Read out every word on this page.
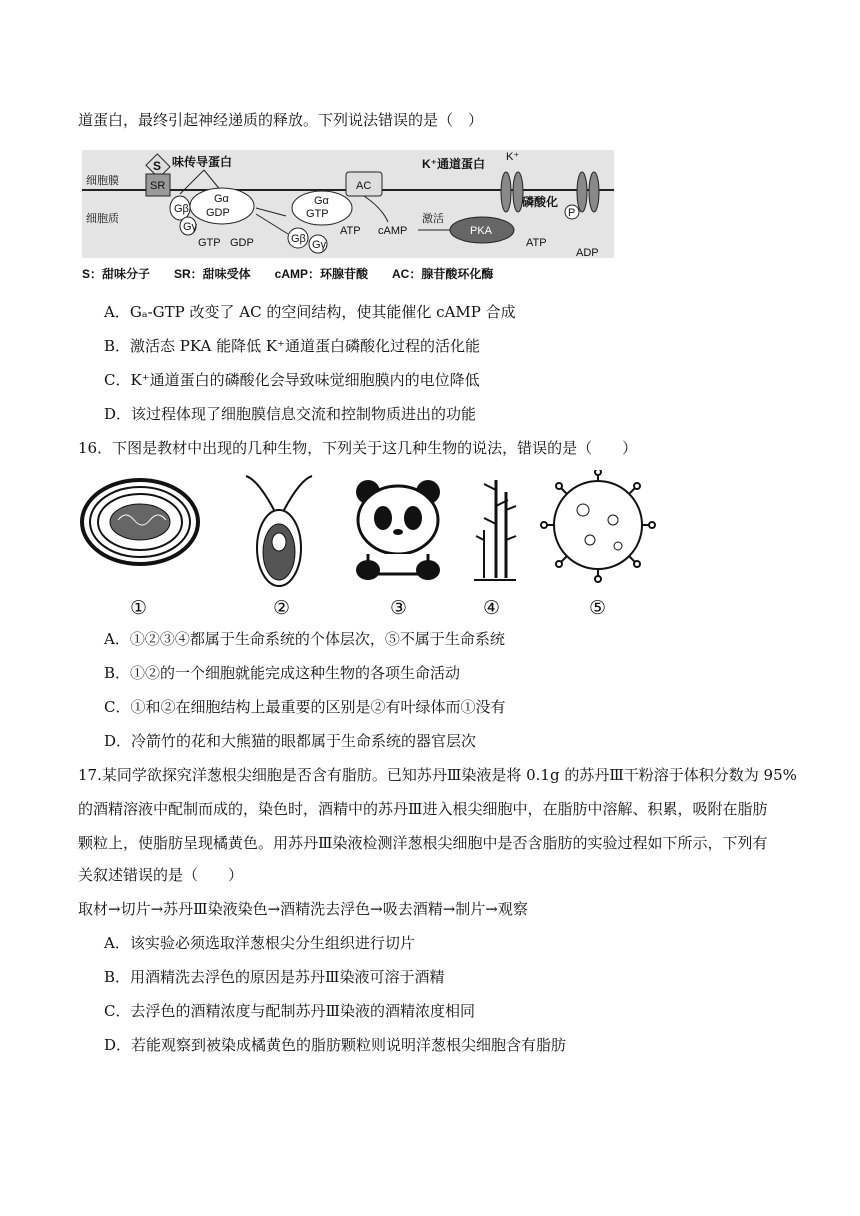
道蛋白，最终引起神经递质的释放。下列说法错误的是（　）
细胞膜
细胞质
S
SR
味传导蛋白
Gα
GDP
Gβ
Gγ
GTP GDP
Gα
GTP
Gβ Gγ
AC
ATP cAMP
激活
PKA
K⁺通道蛋白 K⁺
磷酸化
P
ATP
ADP
S：甜味分子　　SR：甜味受体　　cAMP：环腺苷酸　　AC：腺苷酸环化酶
A．Gₐ-GTP 改变了 AC 的空间结构，使其能催化 cAMP 合成
B．激活态 PKA 能降低 K⁺通道蛋白磷酸化过程的活化能
C．K⁺通道蛋白的磷酸化会导致味觉细胞膜内的电位降低
D．该过程体现了细胞膜信息交流和控制物质进出的功能
16．下图是教材中出现的几种生物，下列关于这几种生物的说法，错误的是（　　）
①	②	③	④	⑤
A．①②③④都属于生命系统的个体层次，⑤不属于生命系统
B．①②的一个细胞就能完成这种生物的各项生命活动
C．①和②在细胞结构上最重要的区别是②有叶绿体而①没有
D．冷箭竹的花和大熊猫的眼都属于生命系统的器官层次
17.某同学欲探究洋葱根尖细胞是否含有脂肪。已知苏丹Ⅲ染液是将 0.1g 的苏丹Ⅲ干粉溶于体积分数为 95%
的酒精溶液中配制而成的，染色时，酒精中的苏丹Ⅲ进入根尖细胞中，在脂肪中溶解、积累，吸附在脂肪
颗粒上，使脂肪呈现橘黄色。用苏丹Ⅲ染液检测洋葱根尖细胞中是否含脂肪的实验过程如下所示，下列有
关叙述错误的是（　　）
取材→切片→苏丹Ⅲ染液染色→酒精洗去浮色→吸去酒精→制片→观察
A．该实验必须选取洋葱根尖分生组织进行切片
B．用酒精洗去浮色的原因是苏丹Ⅲ染液可溶于酒精
C．去浮色的酒精浓度与配制苏丹Ⅲ染液的酒精浓度相同
D．若能观察到被染成橘黄色的脂肪颗粒则说明洋葱根尖细胞含有脂肪
